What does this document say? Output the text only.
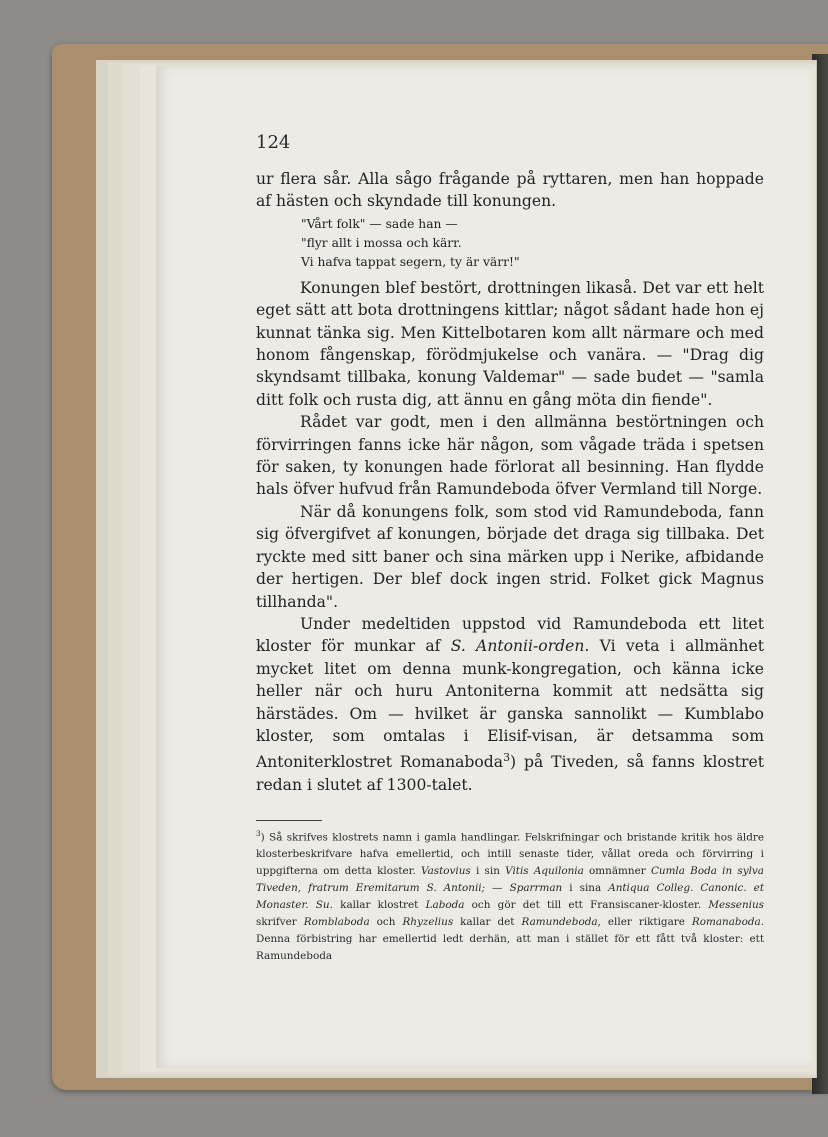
124

ur flera sår. Alla sågo frågande på ryttaren, men han hoppade af hästen och skyndade till konungen.

"Vårt folk" — sade han —
"flyr allt i mossa och kärr.
Vi hafva tappat segern, ty är värr!"

Konungen blef bestört, drottningen likaså. Det var ett helt eget sätt att bota drottningens kittlar; något sådant hade hon ej kunnat tänka sig. Men Kittelbotaren kom allt närmare och med honom fångenskap, förödmjukelse och vanära. — "Drag dig skyndsamt tillbaka, konung Valdemar" — sade budet — "samla ditt folk och rusta dig, att ännu en gång möta din fiende".

Rådet var godt, men i den allmänna bestörtningen och förvirringen fanns icke här någon, som vågade träda i spetsen för saken, ty konungen hade förlorat all besinning. Han flydde hals öfver hufvud från Ramundeboda öfver Vermland till Norge.

När då konungens folk, som stod vid Ramundeboda, fann sig öfvergifvet af konungen, började det draga sig tillbaka. Det ryckte med sitt baner och sina märken upp i Nerike, afbidande der hertigen. Der blef dock ingen strid. Folket gick Magnus tillhanda".

Under medeltiden uppstod vid Ramundeboda ett litet kloster för munkar af S. Antonii-orden. Vi veta i allmänhet mycket litet om denna munk-kongregation, och känna icke heller när och huru Antoniterna kommit att nedsätta sig härstädes. Om — hvilket är ganska sannolikt — Kumblabo kloster, som omtalas i Elisif-visan, är detsamma som Antoniterklostret Romanaboda$^3$) på Tiveden, så fanns klostret redan i slutet af 1300-talet.

$^3$) Så skrifves klostrets namn i gamla handlingar. Felskrifningar och bristande kritik hos äldre klosterbeskrifvare hafva emellertid, och intill senaste tider, vållat oreda och förvirring i uppgifterna om detta kloster. Vastovius i sin Vitis Aquilonia omnämner Cumla Boda in sylva Tiveden, fratrum Eremitarum S. Antonii; — Sparrman i sina Antiqua Colleg. Canonic. et Monaster. Su. kallar klostret Laboda och gör det till ett Fransiscaner-kloster. Messenius skrifver Romblaboda och Rhyzelius kallar det Ramundeboda, eller riktigare Romanaboda. Denna förbistring har emellertid ledt derhän, att man i stället för ett fått två kloster: ett Ramundeboda
